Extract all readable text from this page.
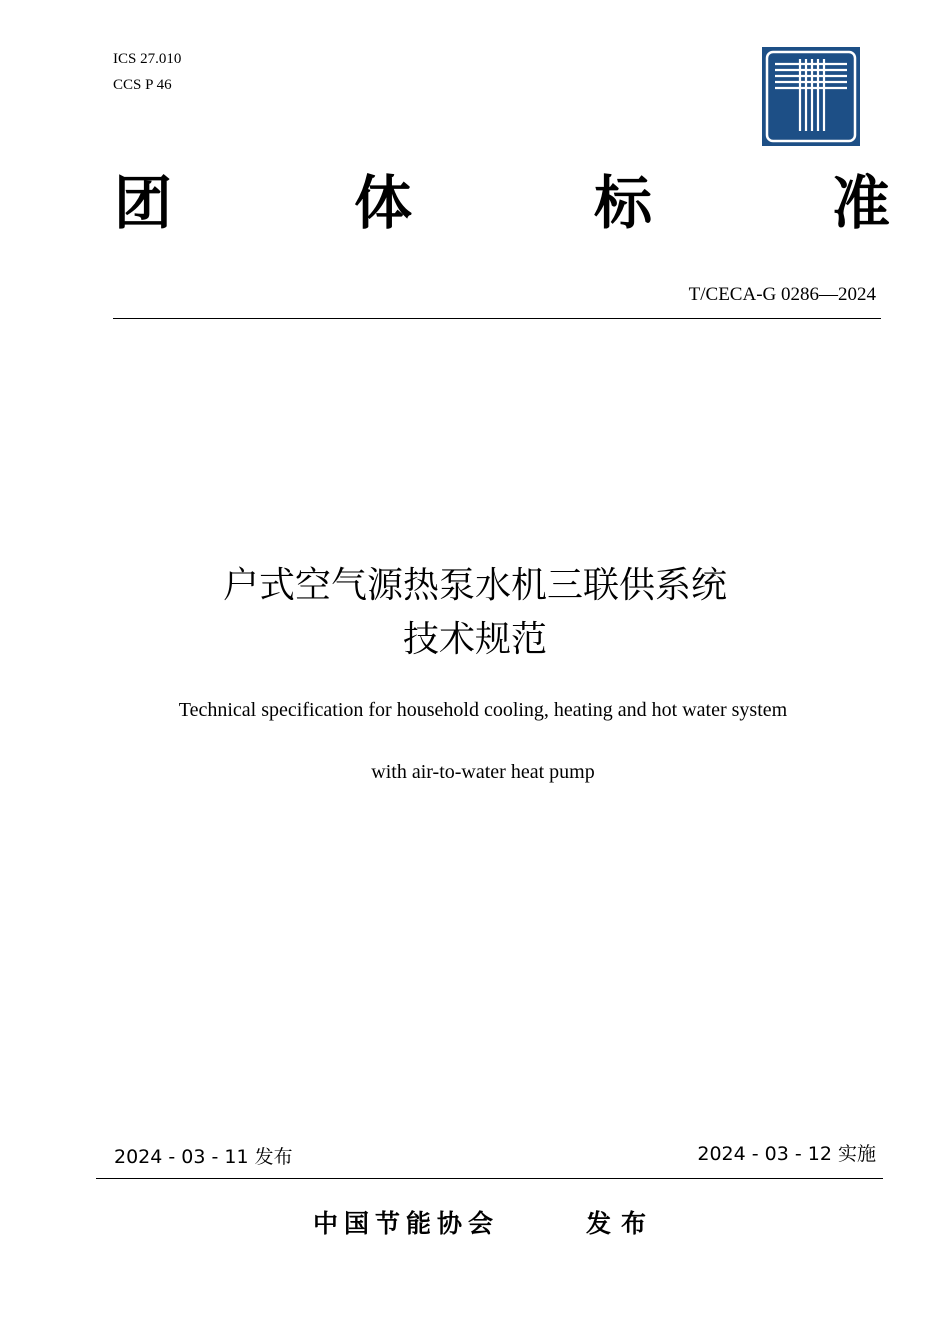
ICS 27.010
CCS P 46
团	体	标	准
T/CECA-G 0286—2024
户式空气源热泵水机三联供系统
技术规范
Technical specification for household cooling, heating and hot water system
with air-to-water heat pump
2024 - 03 - 11 发布	2024 - 03 - 12 实施
中国节能协会	发布
